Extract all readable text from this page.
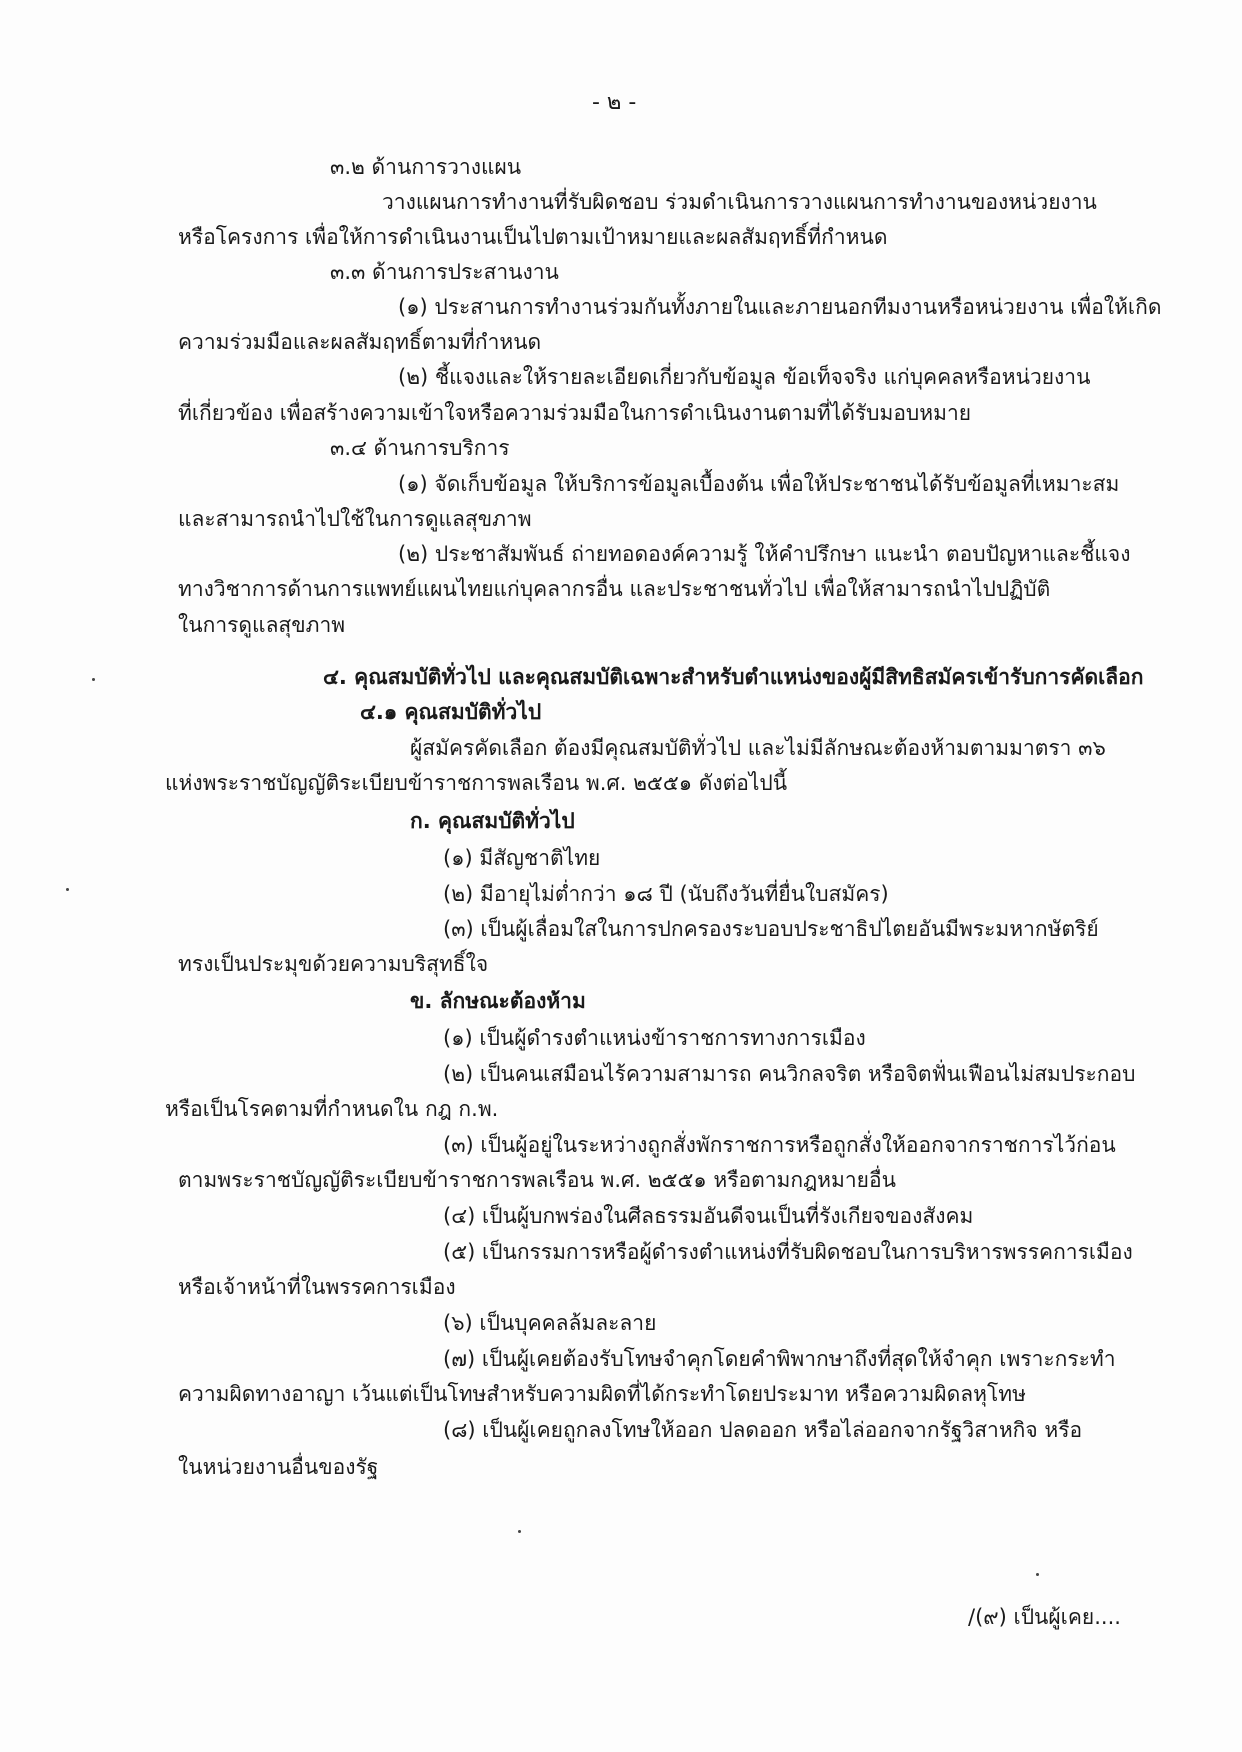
- ๒ -
๓.๒ ด้านการวางแผน
วางแผนการทำงานที่รับผิดชอบ ร่วมดำเนินการวางแผนการทำงานของหน่วยงาน
หรือโครงการ เพื่อให้การดำเนินงานเป็นไปตามเป้าหมายและผลสัมฤทธิ์ที่กำหนด
๓.๓ ด้านการประสานงาน
(๑) ประสานการทำงานร่วมกันทั้งภายในและภายนอกทีมงานหรือหน่วยงาน เพื่อให้เกิด
ความร่วมมือและผลสัมฤทธิ์ตามที่กำหนด
(๒) ชี้แจงและให้รายละเอียดเกี่ยวกับข้อมูล ข้อเท็จจริง แก่บุคคลหรือหน่วยงาน
ที่เกี่ยวข้อง เพื่อสร้างความเข้าใจหรือความร่วมมือในการดำเนินงานตามที่ได้รับมอบหมาย
๓.๔ ด้านการบริการ
(๑) จัดเก็บข้อมูล ให้บริการข้อมูลเบื้องต้น เพื่อให้ประชาชนได้รับข้อมูลที่เหมาะสม
และสามารถนำไปใช้ในการดูแลสุขภาพ
(๒) ประชาสัมพันธ์ ถ่ายทอดองค์ความรู้ ให้คำปรึกษา แนะนำ ตอบปัญหาและชี้แจง
ทางวิชาการด้านการแพทย์แผนไทยแก่บุคลากรอื่น และประชาชนทั่วไป เพื่อให้สามารถนำไปปฏิบัติ
ในการดูแลสุขภาพ
๔. คุณสมบัติทั่วไป และคุณสมบัติเฉพาะสำหรับตำแหน่งของผู้มีสิทธิสมัครเข้ารับการคัดเลือก
๔.๑ คุณสมบัติทั่วไป
ผู้สมัครคัดเลือก ต้องมีคุณสมบัติทั่วไป และไม่มีลักษณะต้องห้ามตามมาตรา ๓๖
แห่งพระราชบัญญัติระเบียบข้าราชการพลเรือน พ.ศ. ๒๕๕๑ ดังต่อไปนี้
ก. คุณสมบัติทั่วไป
(๑) มีสัญชาติไทย
(๒) มีอายุไม่ต่ำกว่า ๑๘ ปี (นับถึงวันที่ยื่นใบสมัคร)
(๓) เป็นผู้เลื่อมใสในการปกครองระบอบประชาธิปไตยอันมีพระมหากษัตริย์
ทรงเป็นประมุขด้วยความบริสุทธิ์ใจ
ข. ลักษณะต้องห้าม
(๑) เป็นผู้ดำรงตำแหน่งข้าราชการทางการเมือง
(๒) เป็นคนเสมือนไร้ความสามารถ คนวิกลจริต หรือจิตฟั่นเฟือนไม่สมประกอบ
หรือเป็นโรคตามที่กำหนดใน กฎ ก.พ.
(๓) เป็นผู้อยู่ในระหว่างถูกสั่งพักราชการหรือถูกสั่งให้ออกจากราชการไว้ก่อน
ตามพระราชบัญญัติระเบียบข้าราชการพลเรือน พ.ศ. ๒๕๕๑ หรือตามกฎหมายอื่น
(๔) เป็นผู้บกพร่องในศีลธรรมอันดีจนเป็นที่รังเกียจของสังคม
(๕) เป็นกรรมการหรือผู้ดำรงตำแหน่งที่รับผิดชอบในการบริหารพรรคการเมือง
หรือเจ้าหน้าที่ในพรรคการเมือง
(๖) เป็นบุคคลล้มละลาย
(๗) เป็นผู้เคยต้องรับโทษจำคุกโดยคำพิพากษาถึงที่สุดให้จำคุก เพราะกระทำ
ความผิดทางอาญา เว้นแต่เป็นโทษสำหรับความผิดที่ได้กระทำโดยประมาท หรือความผิดลหุโทษ
(๘) เป็นผู้เคยถูกลงโทษให้ออก ปลดออก หรือไล่ออกจากรัฐวิสาหกิจ หรือ
ในหน่วยงานอื่นของรัฐ
/(๙) เป็นผู้เคย....
